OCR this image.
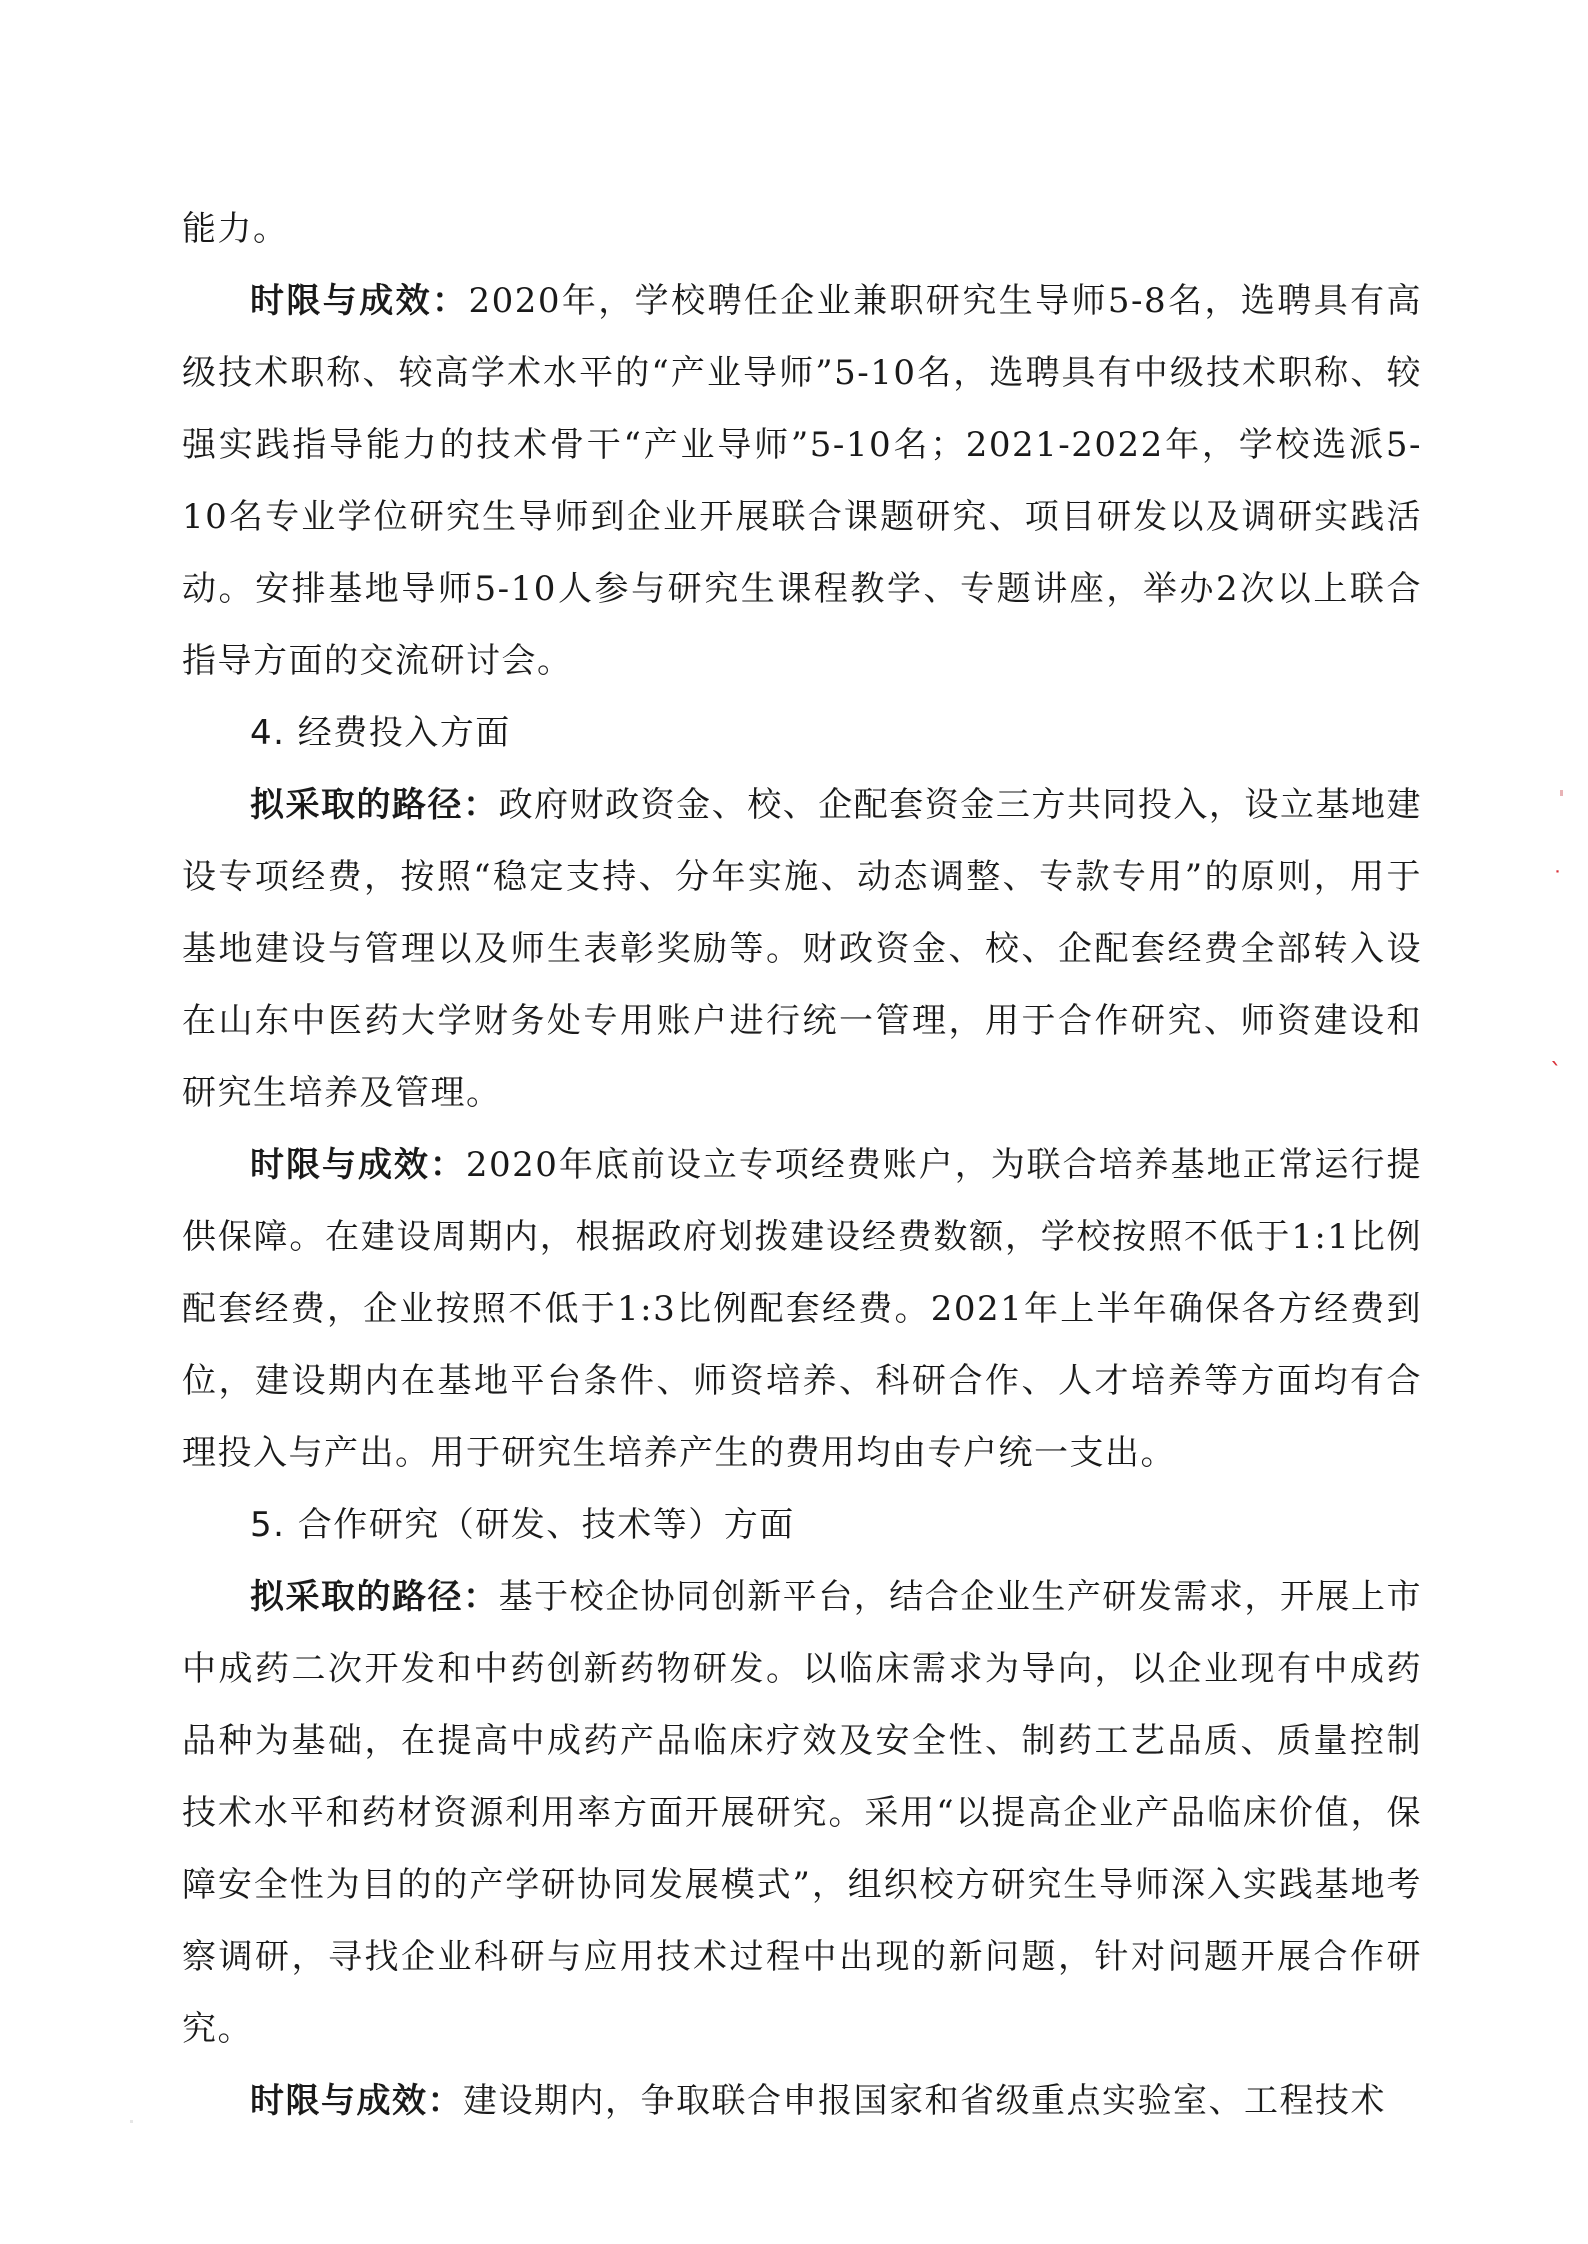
能力。

时限与成效：2020年，学校聘任企业兼职研究生导师5-8名，选聘具有高级技术职称、较高学术水平的“产业导师”5-10名，选聘具有中级技术职称、较强实践指导能力的技术骨干“产业导师”5-10名；2021-2022年，学校选派5-10名专业学位研究生导师到企业开展联合课题研究、项目研发以及调研实践活动。安排基地导师5-10人参与研究生课程教学、专题讲座，举办2次以上联合指导方面的交流研讨会。

4. 经费投入方面

拟采取的路径：政府财政资金、校、企配套资金三方共同投入，设立基地建设专项经费，按照“稳定支持、分年实施、动态调整、专款专用”的原则，用于基地建设与管理以及师生表彰奖励等。财政资金、校、企配套经费全部转入设在山东中医药大学财务处专用账户进行统一管理，用于合作研究、师资建设和研究生培养及管理。

时限与成效：2020年底前设立专项经费账户，为联合培养基地正常运行提供保障。在建设周期内，根据政府划拨建设经费数额，学校按照不低于1:1比例配套经费，企业按照不低于1:3比例配套经费。2021年上半年确保各方经费到位，建设期内在基地平台条件、师资培养、科研合作、人才培养等方面均有合理投入与产出。用于研究生培养产生的费用均由专户统一支出。

5. 合作研究（研发、技术等）方面

拟采取的路径：基于校企协同创新平台，结合企业生产研发需求，开展上市中成药二次开发和中药创新药物研发。以临床需求为导向，以企业现有中成药品种为基础，在提高中成药产品临床疗效及安全性、制药工艺品质、质量控制技术水平和药材资源利用率方面开展研究。采用“以提高企业产品临床价值，保障安全性为目的的产学研协同发展模式”，组织校方研究生导师深入实践基地考察调研，寻找企业科研与应用技术过程中出现的新问题，针对问题开展合作研究。

时限与成效：建设期内，争取联合申报国家和省级重点实验室、工程技术

˙
ˎ
